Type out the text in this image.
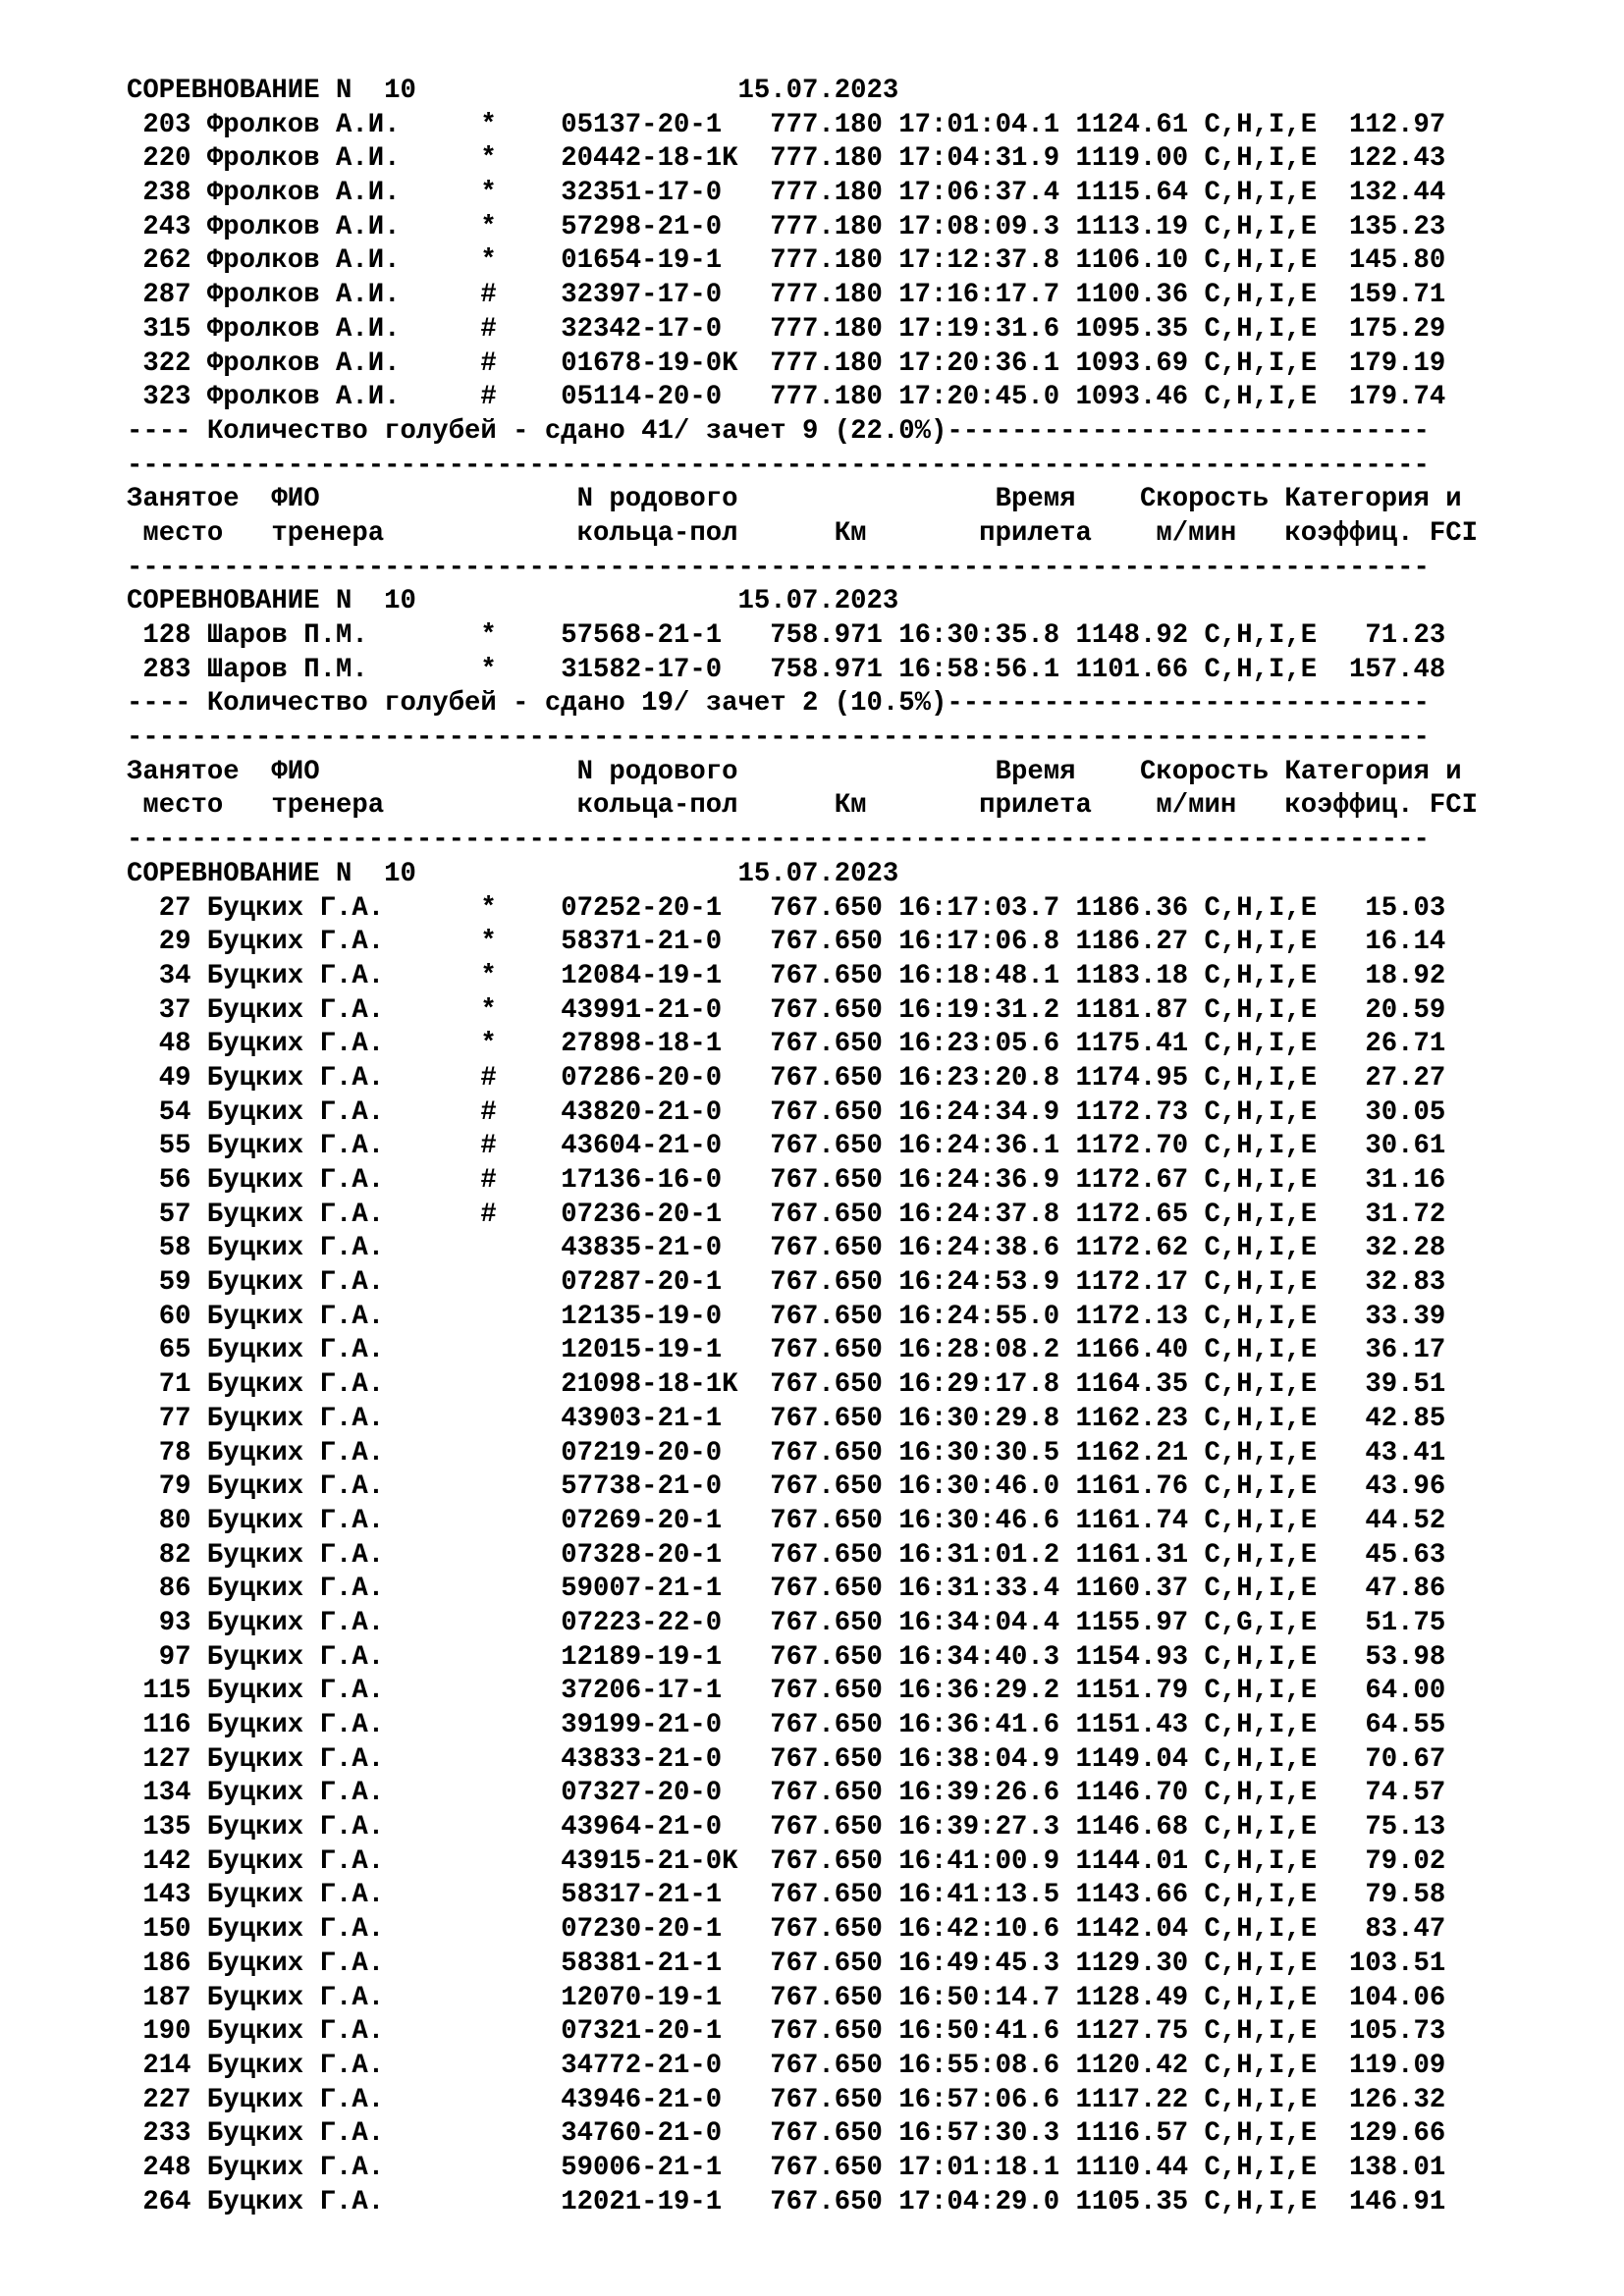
СОРЕВНОВАНИЕ N  10                    15.07.2023
203 Фролков А.И.     *    05137-20-1   777.180 17:01:04.1 1124.61 C,H,I,E  112.97
220 Фролков А.И.     *    20442-18-1K  777.180 17:04:31.9 1119.00 C,H,I,E  122.43
238 Фролков А.И.     *    32351-17-0   777.180 17:06:37.4 1115.64 C,H,I,E  132.44
243 Фролков А.И.     *    57298-21-0   777.180 17:08:09.3 1113.19 C,H,I,E  135.23
262 Фролков А.И.     *    01654-19-1   777.180 17:12:37.8 1106.10 C,H,I,E  145.80
287 Фролков А.И.     #    32397-17-0   777.180 17:16:17.7 1100.36 C,H,I,E  159.71
315 Фролков А.И.     #    32342-17-0   777.180 17:19:31.6 1095.35 C,H,I,E  175.29
322 Фролков А.И.     #    01678-19-0K  777.180 17:20:36.1 1093.69 C,H,I,E  179.19
323 Фролков А.И.     #    05114-20-0   777.180 17:20:45.0 1093.46 C,H,I,E  179.74
---- Количество голубей - сдано 41/ зачет 9 (22.0%)------------------------------
---------------------------------------------------------------------------------
Занятое  ФИО                N родового                Время    Скорость Категория и
место   тренера            кольца-пол      Км       прилета    м/мин   коэффиц. FCI
---------------------------------------------------------------------------------
СОРЕВНОВАНИЕ N  10                    15.07.2023
128 Шаров П.М.       *    57568-21-1   758.971 16:30:35.8 1148.92 C,H,I,E   71.23
283 Шаров П.М.       *    31582-17-0   758.971 16:58:56.1 1101.66 C,H,I,E  157.48
---- Количество голубей - сдано 19/ зачет 2 (10.5%)------------------------------
---------------------------------------------------------------------------------
Занятое  ФИО                N родового                Время    Скорость Категория и
место   тренера            кольца-пол      Км       прилета    м/мин   коэффиц. FCI
---------------------------------------------------------------------------------
СОРЕВНОВАНИЕ N  10                    15.07.2023
27 Буцких Г.А.      *    07252-20-1   767.650 16:17:03.7 1186.36 C,H,I,E   15.03
29 Буцких Г.А.      *    58371-21-0   767.650 16:17:06.8 1186.27 C,H,I,E   16.14
34 Буцких Г.А.      *    12084-19-1   767.650 16:18:48.1 1183.18 C,H,I,E   18.92
37 Буцких Г.А.      *    43991-21-0   767.650 16:19:31.2 1181.87 C,H,I,E   20.59
48 Буцких Г.А.      *    27898-18-1   767.650 16:23:05.6 1175.41 C,H,I,E   26.71
49 Буцких Г.А.      #    07286-20-0   767.650 16:23:20.8 1174.95 C,H,I,E   27.27
54 Буцких Г.А.      #    43820-21-0   767.650 16:24:34.9 1172.73 C,H,I,E   30.05
55 Буцких Г.А.      #    43604-21-0   767.650 16:24:36.1 1172.70 C,H,I,E   30.61
56 Буцких Г.А.      #    17136-16-0   767.650 16:24:36.9 1172.67 C,H,I,E   31.16
57 Буцких Г.А.      #    07236-20-1   767.650 16:24:37.8 1172.65 C,H,I,E   31.72
58 Буцких Г.А.           43835-21-0   767.650 16:24:38.6 1172.62 C,H,I,E   32.28
59 Буцких Г.А.           07287-20-1   767.650 16:24:53.9 1172.17 C,H,I,E   32.83
60 Буцких Г.А.           12135-19-0   767.650 16:24:55.0 1172.13 C,H,I,E   33.39
65 Буцких Г.А.           12015-19-1   767.650 16:28:08.2 1166.40 C,H,I,E   36.17
71 Буцких Г.А.           21098-18-1K  767.650 16:29:17.8 1164.35 C,H,I,E   39.51
77 Буцких Г.А.           43903-21-1   767.650 16:30:29.8 1162.23 C,H,I,E   42.85
78 Буцких Г.А.           07219-20-0   767.650 16:30:30.5 1162.21 C,H,I,E   43.41
79 Буцких Г.А.           57738-21-0   767.650 16:30:46.0 1161.76 C,H,I,E   43.96
80 Буцких Г.А.           07269-20-1   767.650 16:30:46.6 1161.74 C,H,I,E   44.52
82 Буцких Г.А.           07328-20-1   767.650 16:31:01.2 1161.31 C,H,I,E   45.63
86 Буцких Г.А.           59007-21-1   767.650 16:31:33.4 1160.37 C,H,I,E   47.86
93 Буцких Г.А.           07223-22-0   767.650 16:34:04.4 1155.97 C,G,I,E   51.75
97 Буцких Г.А.           12189-19-1   767.650 16:34:40.3 1154.93 C,H,I,E   53.98
115 Буцких Г.А.           37206-17-1   767.650 16:36:29.2 1151.79 C,H,I,E   64.00
116 Буцких Г.А.           39199-21-0   767.650 16:36:41.6 1151.43 C,H,I,E   64.55
127 Буцких Г.А.           43833-21-0   767.650 16:38:04.9 1149.04 C,H,I,E   70.67
134 Буцких Г.А.           07327-20-0   767.650 16:39:26.6 1146.70 C,H,I,E   74.57
135 Буцких Г.А.           43964-21-0   767.650 16:39:27.3 1146.68 C,H,I,E   75.13
142 Буцких Г.А.           43915-21-0K  767.650 16:41:00.9 1144.01 C,H,I,E   79.02
143 Буцких Г.А.           58317-21-1   767.650 16:41:13.5 1143.66 C,H,I,E   79.58
150 Буцких Г.А.           07230-20-1   767.650 16:42:10.6 1142.04 C,H,I,E   83.47
186 Буцких Г.А.           58381-21-1   767.650 16:49:45.3 1129.30 C,H,I,E  103.51
187 Буцких Г.А.           12070-19-1   767.650 16:50:14.7 1128.49 C,H,I,E  104.06
190 Буцких Г.А.           07321-20-1   767.650 16:50:41.6 1127.75 C,H,I,E  105.73
214 Буцких Г.А.           34772-21-0   767.650 16:55:08.6 1120.42 C,H,I,E  119.09
227 Буцких Г.А.           43946-21-0   767.650 16:57:06.6 1117.22 C,H,I,E  126.32
233 Буцких Г.А.           34760-21-0   767.650 16:57:30.3 1116.57 C,H,I,E  129.66
248 Буцких Г.А.           59006-21-1   767.650 17:01:18.1 1110.44 C,H,I,E  138.01
264 Буцких Г.А.           12021-19-1   767.650 17:04:29.0 1105.35 C,H,I,E  146.91
